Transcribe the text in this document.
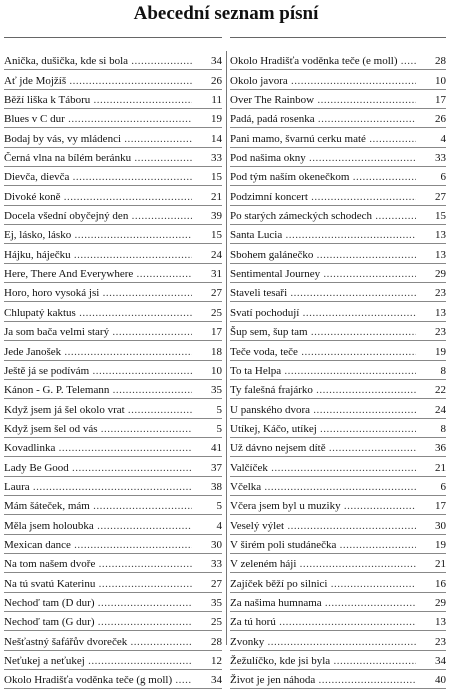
Abecední seznam písní
Anička, dušička, kde si bola .....	34
Ať jde Mojžíš .....	26
Běží liška k Táboru .....	11
Blues v C dur .....	19
Bodaj by vás, vy mládenci .....	14
Černá vlna na bílém beránku .....	33
Dievča, dievča .....	15
Divoké koně .....	21
Docela všední obyčejný den .....	39
Ej, lásko, lásko .....	15
Hájku, háječku .....	24
Here, There And Everywhere .....	31
Horo, horo vysoká jsi .....	27
Chlupatý kaktus .....	25
Ja som bača velmi starý .....	17
Jede Janošek .....	18
Ještě já se podívám .....	10
Kánon - G. P. Telemann .....	35
Když jsem já šel okolo vrat .....	5
Když jsem šel od vás .....	5
Kovadlinka .....	41
Lady Be Good .....	37
Laura .....	38
Mám šáteček, mám .....	5
Měla jsem holoubka .....	4
Mexican dance .....	30
Na tom našem dvoře .....	33
Na tú svatú Katerinu .....	27
Nechoď tam (D dur) .....	35
Nechoď tam (G dur) .....	25
Nešťastný šafářův dvoreček .....	28
Neťukej a neťukej .....	12
Okolo Hradišťa voděnka teče (g moll) .....	34
Okolo Hradišťa voděnka teče (e moll) .....	28
Okolo javora .....	10
Over The Rainbow .....	17
Padá, padá rosenka .....	26
Pani mamo, švarnú cerku maté .....	4
Pod našima okny .....	33
Pod tým naším okenečkom .....	6
Podzimní koncert .....	27
Po starých zámeckých schodech .....	15
Santa Lucia .....	13
Sbohem galánečko .....	13
Sentimental Journey .....	29
Staveli tesaři .....	23
Svatí pochodují .....	13
Šup sem, šup tam .....	23
Teče voda, teče .....	19
To ta Helpa .....	8
Ty falešná frajárko .....	22
U panského dvora .....	24
Utíkej, Káčo, utíkej .....	8
Už dávno nejsem dítě .....	36
Valčíček .....	21
Včelka .....	6
Včera jsem byl u muziky .....	17
Veselý výlet .....	30
V širém poli studánečka .....	19
V zeleném háji .....	21
Zajíček běží po silnici .....	16
Za našima humnama .....	29
Za tú horú .....	13
Zvonky .....	23
Žežulíčko, kde jsi byla .....	34
Život je jen náhoda .....	40
